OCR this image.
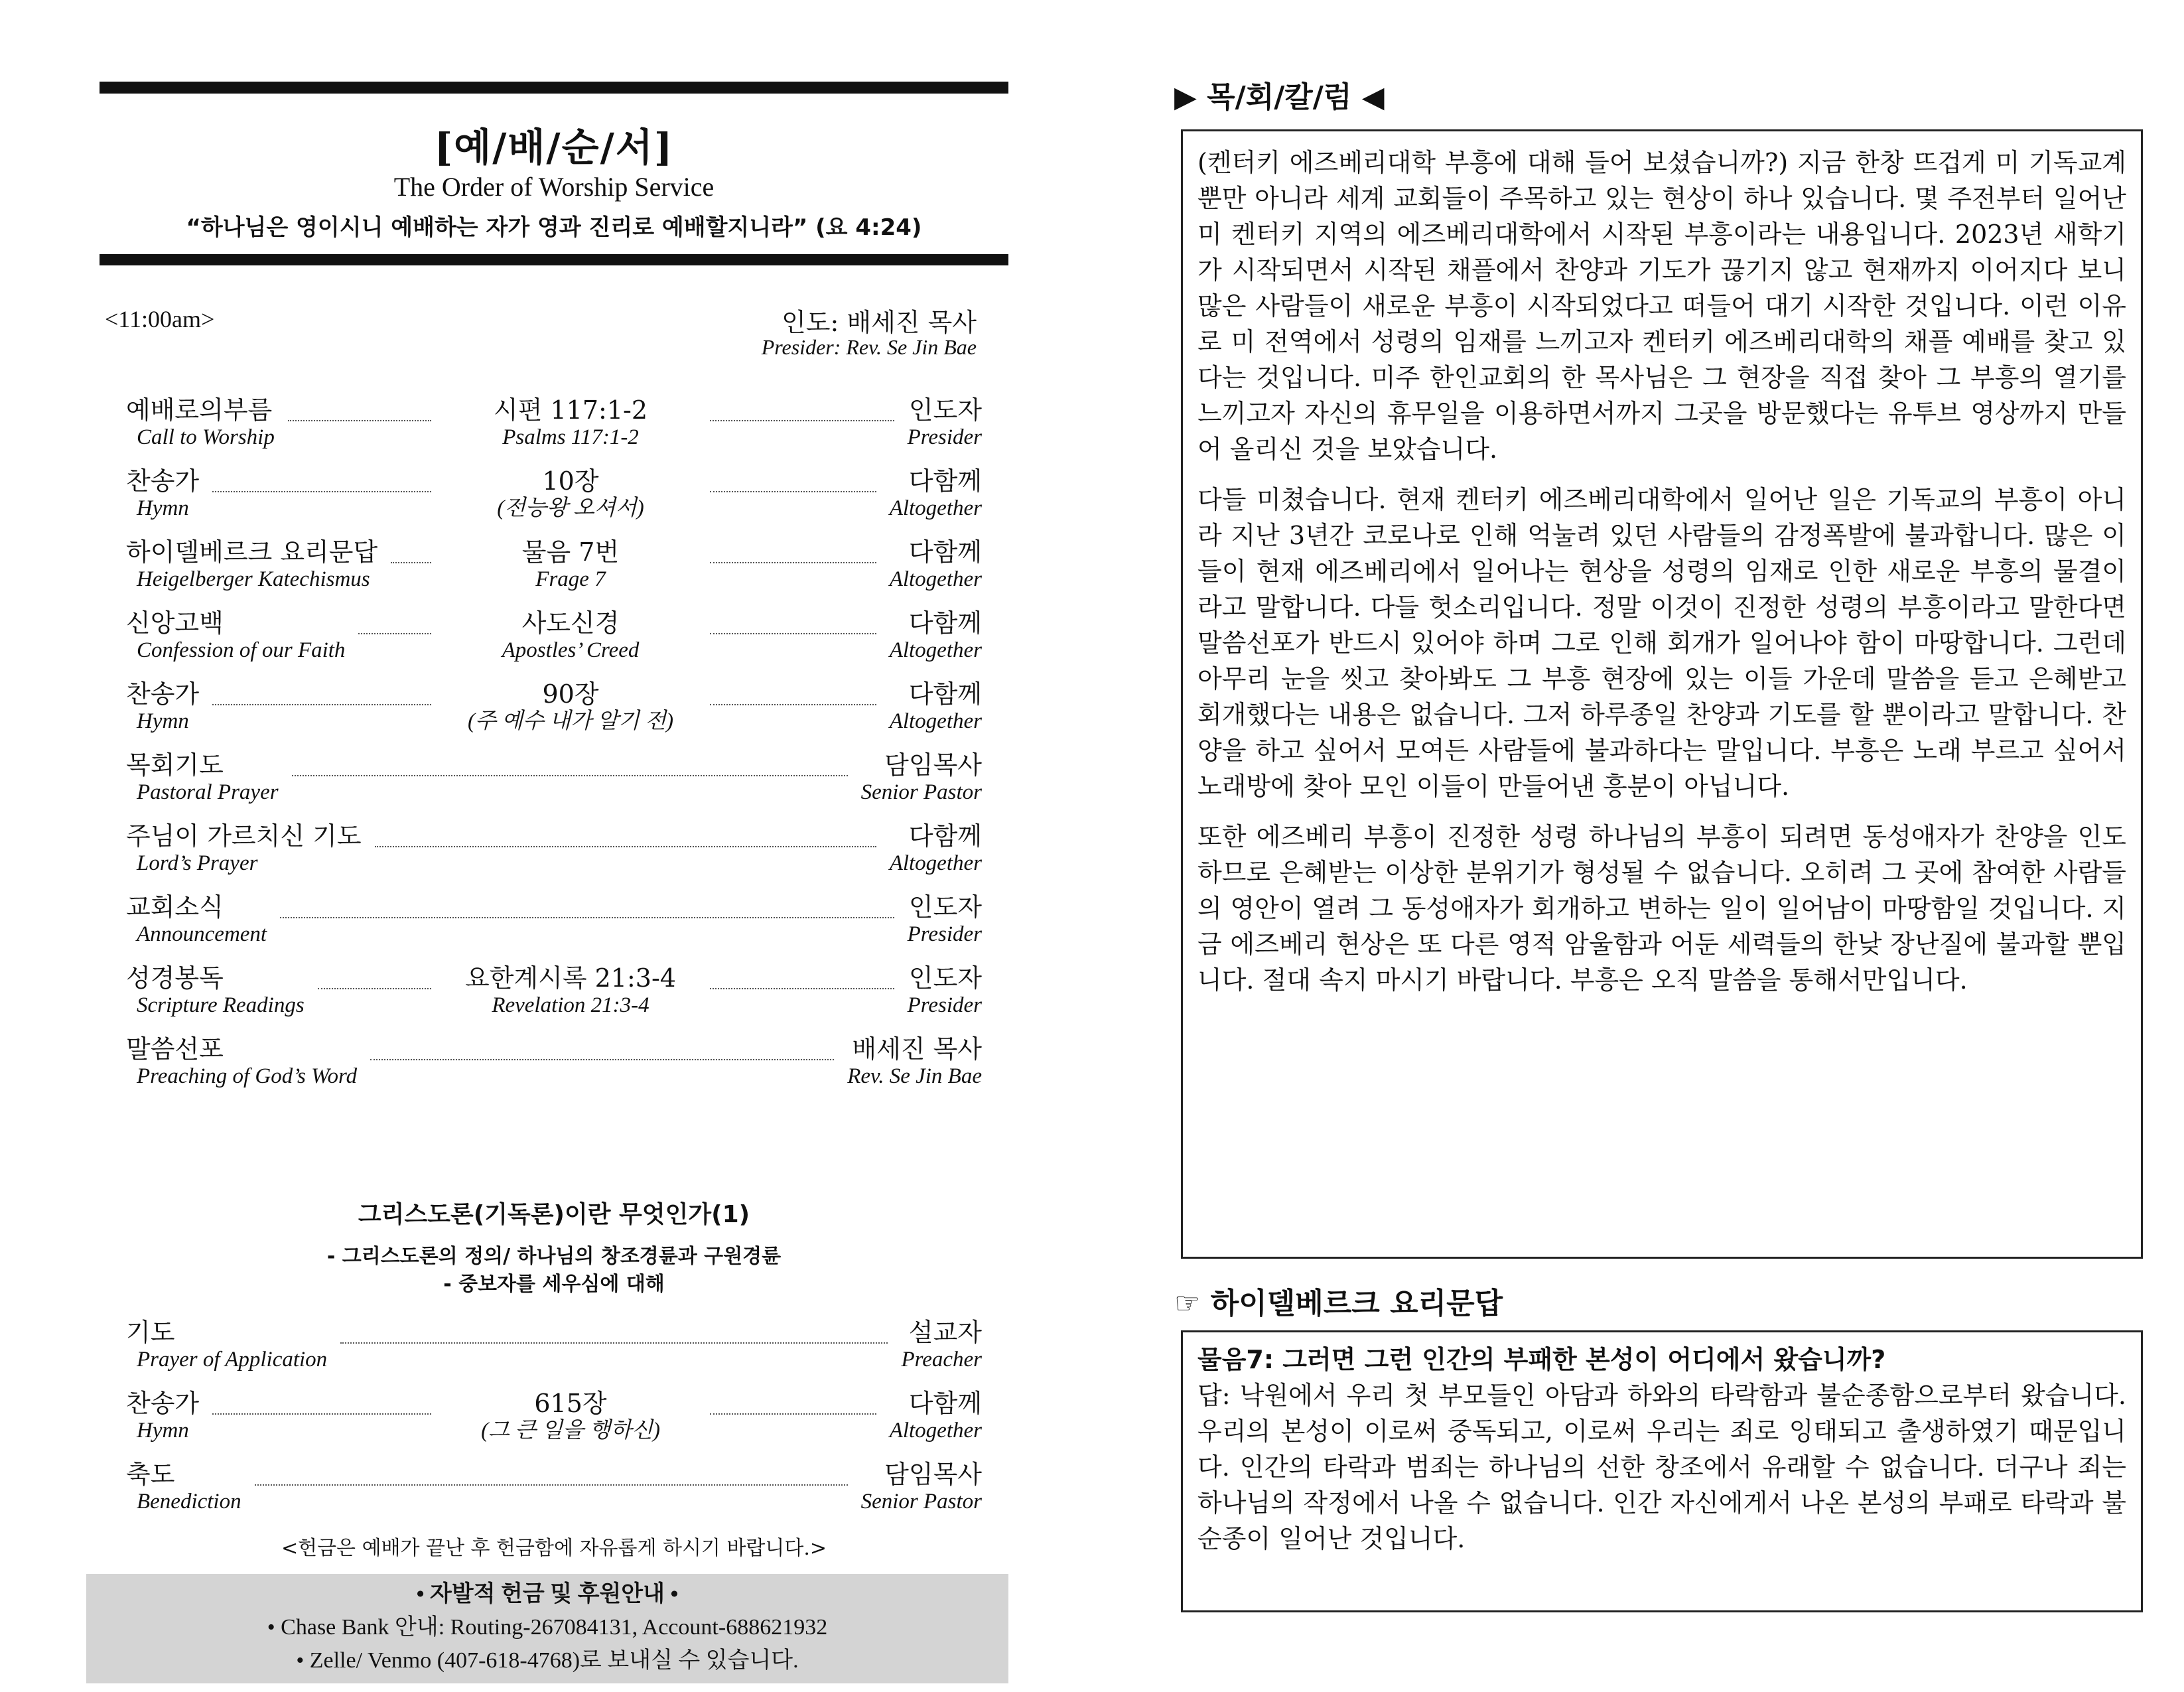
[예/배/순/서]
The Order of Worship Service
“하나님은 영이시니 예배하는 자가 영과 진리로 예배할지니라” (요 4:24)
<11:00am>	인도: 배세진 목사
Presider: Rev. Se Jin Bae
예배로의부름
Call to Worship
시편 117:1-2
Psalms 117:1-2
인도자
Presider
찬송가
Hymn
10장
(전능왕 오셔서)
다함께
Altogether
하이델베르크 요리문답
Heigelberger Katechismus
물음 7번
Frage 7
다함께
Altogether
신앙고백
Confession of our Faith
사도신경
Apostles’ Creed
다함께
Altogether
찬송가
Hymn
90장
(주 예수 내가 알기 전)
다함께
Altogether
목회기도
Pastoral Prayer
담임목사
Senior Pastor
주님이 가르치신 기도
Lord’s Prayer
다함께
Altogether
교회소식
Announcement
인도자
Presider
성경봉독
Scripture Readings
요한계시록 21:3-4
Revelation 21:3-4
인도자
Presider
말씀선포
Preaching of God’s Word
배세진 목사
Rev. Se Jin Bae
그리스도론(기독론)이란 무엇인가(1)
- 그리스도론의 정의/ 하나님의 창조경륜과 구원경륜
- 중보자를 세우심에 대해
기도
Prayer of Application
설교자
Preacher
찬송가
Hymn
615장
(그 큰 일을 행하신)
다함께
Altogether
축도
Benediction
담임목사
Senior Pastor
<헌금은 예배가 끝난 후 헌금함에 자유롭게 하시기 바랍니다.>
• 자발적 헌금 및 후원안내 •
• Chase Bank 안내: Routing-267084131, Account-688621932
• Zelle/ Venmo (407-618-4768)로 보내실 수 있습니다.
▶ 목/회/칼/럼 ◀

(켄터키 에즈베리대학 부흥에 대해 들어 보셨습니까?) 지금 한창 뜨겁게 미 기독교계 뿐만 아니라 세계 교회들이 주목하고 있는 현상이 하나 있습니다. 몇 주전부터 일어난 미 켄터키 지역의 에즈베리대학에서 시작된 부흥이라는 내용입니다. 2023년 새학기가 시작되면서 시작된 채플에서 찬양과 기도가 끊기지 않고 현재까지 이어지다 보니 많은 사람들이 새로운 부흥이 시작되었다고 떠들어 대기 시작한 것입니다. 이런 이유로 미 전역에서 성령의 임재를 느끼고자 켄터키 에즈베리대학의 채플 예배를 찾고 있다는 것입니다. 미주 한인교회의 한 목사님은 그 현장을 직접 찾아 그 부흥의 열기를 느끼고자 자신의 휴무일을 이용하면서까지 그곳을 방문했다는 유투브 영상까지 만들어 올리신 것을 보았습니다.

다들 미쳤습니다. 현재 켄터키 에즈베리대학에서 일어난 일은 기독교의 부흥이 아니라 지난 3년간 코로나로 인해 억눌려 있던 사람들의 감정폭발에 불과합니다. 많은 이들이 현재 에즈베리에서 일어나는 현상을 성령의 임재로 인한 새로운 부흥의 물결이라고 말합니다. 다들 헛소리입니다. 정말 이것이 진정한 성령의 부흥이라고 말한다면 말씀선포가 반드시 있어야 하며 그로 인해 회개가 일어나야 함이 마땅합니다. 그런데 아무리 눈을 씻고 찾아봐도 그 부흥 현장에 있는 이들 가운데 말씀을 듣고 은혜받고 회개했다는 내용은 없습니다. 그저 하루종일 찬양과 기도를 할 뿐이라고 말합니다. 찬양을 하고 싶어서 모여든 사람들에 불과하다는 말입니다. 부흥은 노래 부르고 싶어서 노래방에 찾아 모인 이들이 만들어낸 흥분이 아닙니다.

또한 에즈베리 부흥이 진정한 성령 하나님의 부흥이 되려면 동성애자가 찬양을 인도하므로 은혜받는 이상한 분위기가 형성될 수 없습니다. 오히려 그 곳에 참여한 사람들의 영안이 열려 그 동성애자가 회개하고 변하는 일이 일어남이 마땅함일 것입니다. 지금 에즈베리 현상은 또 다른 영적 암울함과 어둔 세력들의 한낮 장난질에 불과할 뿐입니다. 절대 속지 마시기 바랍니다. 부흥은 오직 말씀을 통해서만입니다.

☞ 하이델베르크 요리문답
물음7: 그러면 그런 인간의 부패한 본성이 어디에서 왔습니까?

답: 낙원에서 우리 첫 부모들인 아담과 하와의 타락함과 불순종함으로부터 왔습니다. 우리의 본성이 이로써 중독되고, 이로써 우리는 죄로 잉태되고 출생하였기 때문입니다. 인간의 타락과 범죄는 하나님의 선한 창조에서 유래할 수 없습니다. 더구나 죄는 하나님의 작정에서 나올 수 없습니다. 인간 자신에게서 나온 본성의 부패로 타락과 불순종이 일어난 것입니다.
